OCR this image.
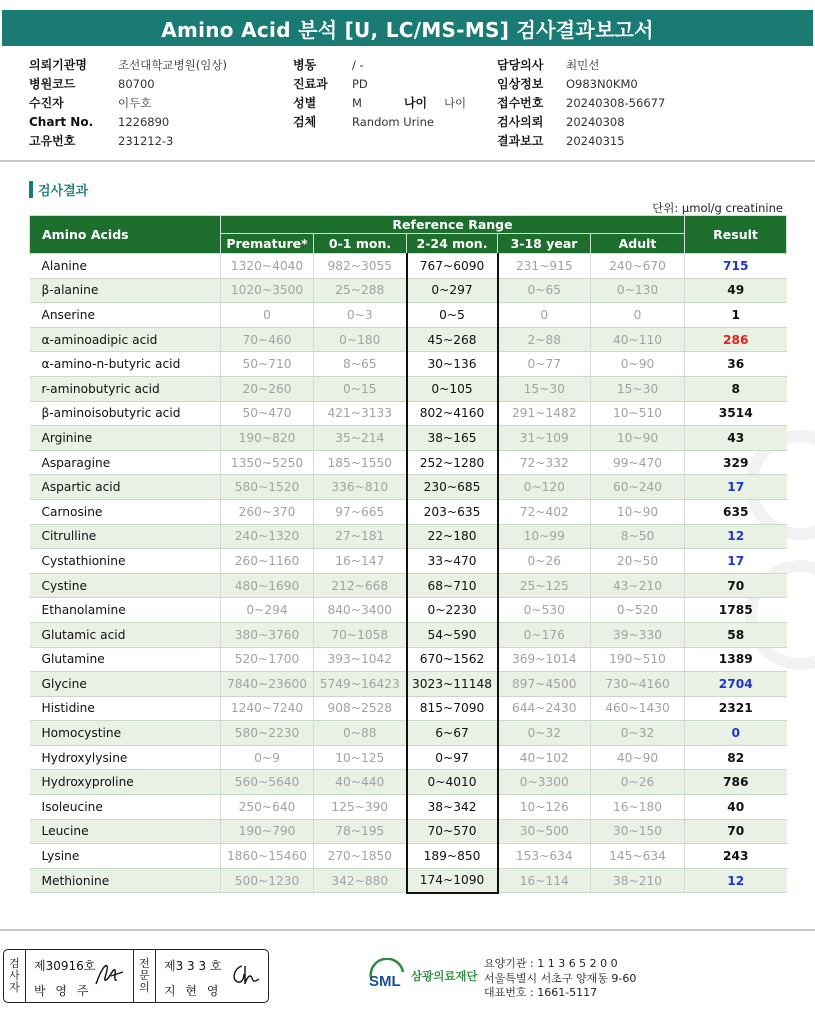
Amino Acid 분석 [U, LC/MS-MS] 검사결과보고서
의뢰기관명	조선대학교병원(임상)
병원코드	80700
수진자	이두호
Chart No.	1226890
고유번호	231212-3
병동	/ -
진료과	PD
성별	M	나이	나이
검체	Random Urine
담당의사	최민선
임상정보	O983N0KM0
접수번호	20240308-56677
검사의뢰	20240308
결과보고	20240315
검사결과
단위: μmol/g creatinine
Amino Acids	Reference Range					Result
	Premature*	0-1 mon.	2-24 mon.	3-18 year	Adult	
Alanine	1320~4040	982~3055	767~6090	231~915	240~670	715
β-alanine	1020~3500	25~288	0~297	0~65	0~130	49
Anserine	0	0~3	0~5	0	0	1
α-aminoadipic acid	70~460	0~180	45~268	2~88	40~110	286
α-amino-n-butyric acid	50~710	8~65	30~136	0~77	0~90	36
r-aminobutyric acid	20~260	0~15	0~105	15~30	15~30	8
β-aminoisobutyric acid	50~470	421~3133	802~4160	291~1482	10~510	3514
Arginine	190~820	35~214	38~165	31~109	10~90	43
Asparagine	1350~5250	185~1550	252~1280	72~332	99~470	329
Aspartic acid	580~1520	336~810	230~685	0~120	60~240	17
Carnosine	260~370	97~665	203~635	72~402	10~90	635
Citrulline	240~1320	27~181	22~180	10~99	8~50	12
Cystathionine	260~1160	16~147	33~470	0~26	20~50	17
Cystine	480~1690	212~668	68~710	25~125	43~210	70
Ethanolamine	0~294	840~3400	0~2230	0~530	0~520	1785
Glutamic acid	380~3760	70~1058	54~590	0~176	39~330	58
Glutamine	520~1700	393~1042	670~1562	369~1014	190~510	1389
Glycine	7840~23600	5749~16423	3023~11148	897~4500	730~4160	2704
Histidine	1240~7240	908~2528	815~7090	644~2430	460~1430	2321
Homocystine	580~2230	0~88	6~67	0~32	0~32	0
Hydroxylysine	0~9	10~125	0~97	40~102	40~90	82
Hydroxyproline	560~5640	40~440	0~4010	0~3300	0~26	786
Isoleucine	250~640	125~390	38~342	10~126	16~180	40
Leucine	190~790	78~195	70~570	30~500	30~150	70
Lysine	1860~15460	270~1850	189~850	153~634	145~634	243
Methionine	500~1230	342~880	174~1090	16~114	38~210	12
검
사
자
제30916호
박 영 주
전
문
의
제3 3 3 호
지 현 영
SML 삼광의료재단
요양기관 : 1 1 3 6 5 2 0 0
서울특별시 서초구 양재동 9-60
대표번호 : 1661-5117
